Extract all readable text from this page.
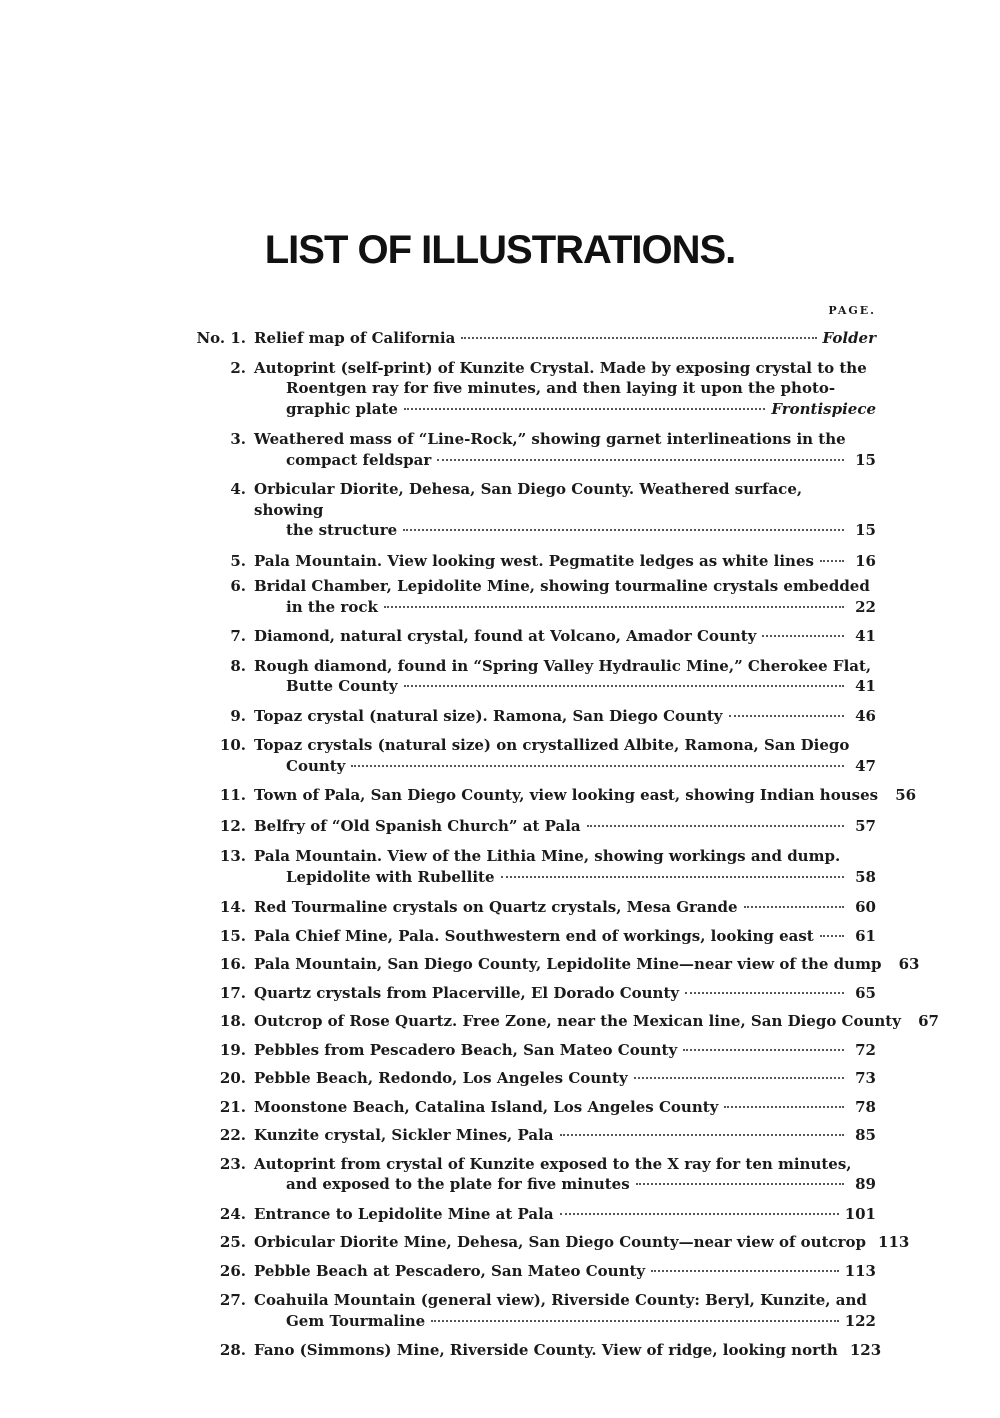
LIST OF ILLUSTRATIONS.
PAGE.
No. 1. Relief map of California	Folder
2. Autoprint (self-print) of Kunzite Crystal. Made by exposing crystal to the
Roentgen ray for five minutes, and then laying it upon the photo-
graphic plate	Frontispiece
3. Weathered mass of “Line-Rock,” showing garnet interlineations in the
compact feldspar	15
4. Orbicular Diorite, Dehesa, San Diego County. Weathered surface, showing
the structure	15
5. Pala Mountain. View looking west. Pegmatite ledges as white lines	16
6. Bridal Chamber, Lepidolite Mine, showing tourmaline crystals embedded
in the rock	22
7. Diamond, natural crystal, found at Volcano, Amador County	41
8. Rough diamond, found in “Spring Valley Hydraulic Mine,” Cherokee Flat,
Butte County	41
9. Topaz crystal (natural size). Ramona, San Diego County	46
10. Topaz crystals (natural size) on crystallized Albite, Ramona, San Diego
County	47
11. Town of Pala, San Diego County, view looking east, showing Indian houses	56
12. Belfry of “Old Spanish Church” at Pala	57
13. Pala Mountain. View of the Lithia Mine, showing workings and dump.
Lepidolite with Rubellite	58
14. Red Tourmaline crystals on Quartz crystals, Mesa Grande	60
15. Pala Chief Mine, Pala. Southwestern end of workings, looking east	61
16. Pala Mountain, San Diego County, Lepidolite Mine—near view of the dump	63
17. Quartz crystals from Placerville, El Dorado County	65
18. Outcrop of Rose Quartz. Free Zone, near the Mexican line, San Diego County	67
19. Pebbles from Pescadero Beach, San Mateo County	72
20. Pebble Beach, Redondo, Los Angeles County	73
21. Moonstone Beach, Catalina Island, Los Angeles County	78
22. Kunzite crystal, Sickler Mines, Pala	85
23. Autoprint from crystal of Kunzite exposed to the X ray for ten minutes,
and exposed to the plate for five minutes	89
24. Entrance to Lepidolite Mine at Pala	101
25. Orbicular Diorite Mine, Dehesa, San Diego County—near view of outcrop 113
26. Pebble Beach at Pescadero, San Mateo County	113
27. Coahuila Mountain (general view), Riverside County: Beryl, Kunzite, and
Gem Tourmaline	122
28. Fano (Simmons) Mine, Riverside County. View of ridge, looking north 123
